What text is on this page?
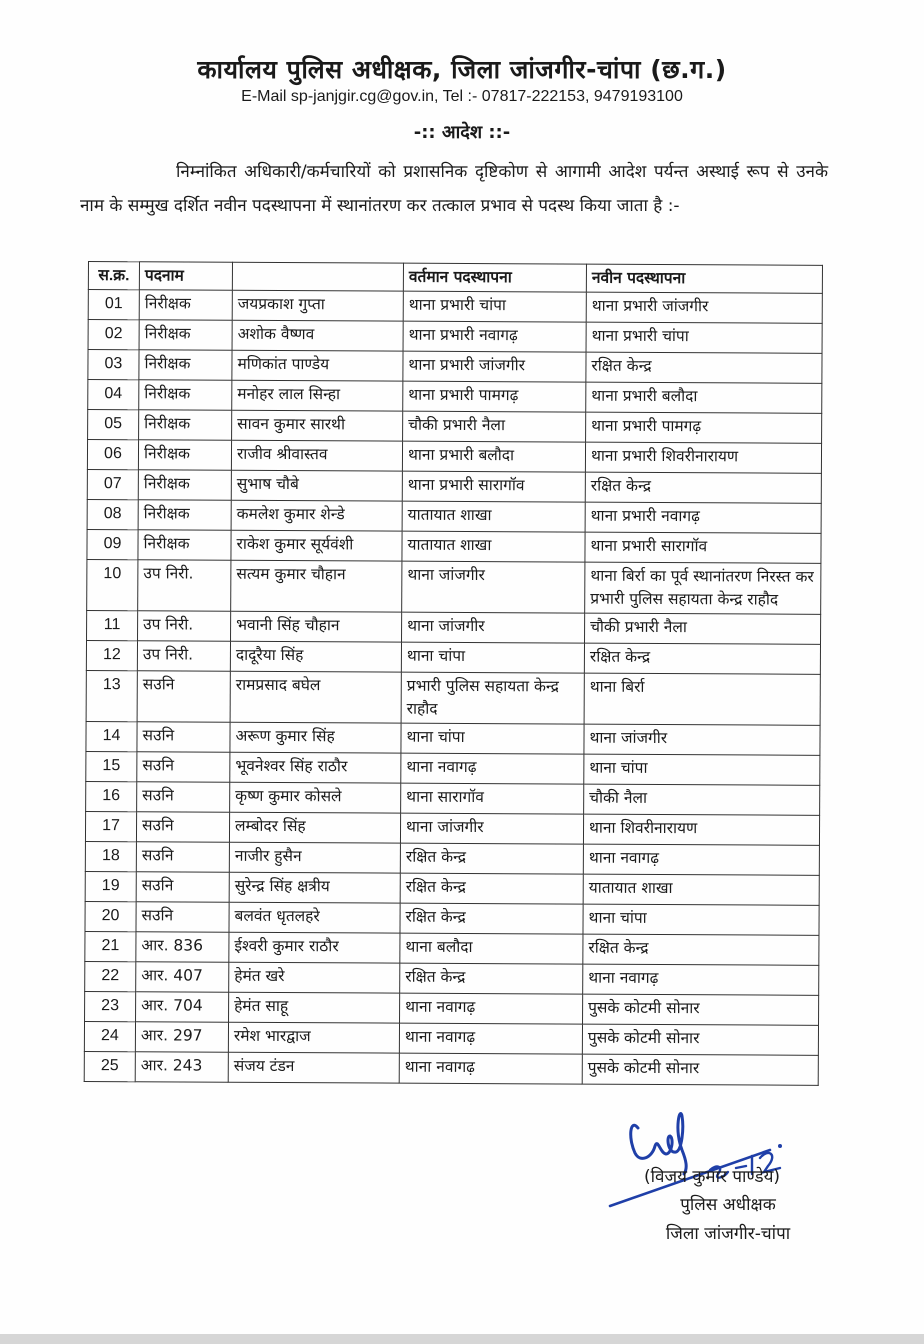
कार्यालय पुलिस अधीक्षक, जिला जांजगीर-चांपा (छ.ग.)
E-Mail sp-janjgir.cg@gov.in, Tel :- 07817-222153, 9479193100
-:: आदेश ::-
निम्नांकित अधिकारी/कर्मचारियों को प्रशासनिक दृष्टिकोण से आगामी आदेश पर्यन्त अस्थाई रूप से उनके नाम के सम्मुख दर्शित नवीन पदस्थापना में स्थानांतरण कर तत्काल प्रभाव से पदस्थ किया जाता है :-
स.क्र.	पदनाम		वर्तमान पदस्थापना	नवीन पदस्थापना
01	निरीक्षक	जयप्रकाश गुप्ता	थाना प्रभारी चांपा	थाना प्रभारी जांजगीर
02	निरीक्षक	अशोक वैष्णव	थाना प्रभारी नवागढ़	थाना प्रभारी चांपा
03	निरीक्षक	मणिकांत पाण्डेय	थाना प्रभारी जांजगीर	रक्षित केन्द्र
04	निरीक्षक	मनोहर लाल सिन्हा	थाना प्रभारी पामगढ़	थाना प्रभारी बलौदा
05	निरीक्षक	सावन कुमार सारथी	चौकी प्रभारी नैला	थाना प्रभारी पामगढ़
06	निरीक्षक	राजीव श्रीवास्तव	थाना प्रभारी बलौदा	थाना प्रभारी शिवरीनारायण
07	निरीक्षक	सुभाष चौबे	थाना प्रभारी सारागॉव	रक्षित केन्द्र
08	निरीक्षक	कमलेश कुमार शेन्डे	यातायात शाखा	थाना प्रभारी नवागढ़
09	निरीक्षक	राकेश कुमार सूर्यवंशी	यातायात शाखा	थाना प्रभारी सारागॉव
10	उप निरी.	सत्यम कुमार चौहान	थाना जांजगीर	थाना बिर्रा का पूर्व स्थानांतरण निरस्त कर प्रभारी पुलिस सहायता केन्द्र राहौद
11	उप निरी.	भवानी सिंह चौहान	थाना जांजगीर	चौकी प्रभारी नैला
12	उप निरी.	दादूरैया सिंह	थाना चांपा	रक्षित केन्द्र
13	सउनि	रामप्रसाद बघेल	प्रभारी पुलिस सहायता केन्द्र राहौद	थाना बिर्रा
14	सउनि	अरूण कुमार सिंह	थाना चांपा	थाना जांजगीर
15	सउनि	भूवनेश्वर सिंह राठौर	थाना नवागढ़	थाना चांपा
16	सउनि	कृष्ण कुमार कोसले	थाना सारागॉव	चौकी नैला
17	सउनि	लम्बोदर सिंह	थाना जांजगीर	थाना शिवरीनारायण
18	सउनि	नाजीर हुसैन	रक्षित केन्द्र	थाना नवागढ़
19	सउनि	सुरेन्द्र सिंह क्षत्रीय	रक्षित केन्द्र	यातायात शाखा
20	सउनि	बलवंत धृतलहरे	रक्षित केन्द्र	थाना चांपा
21	आर. 836	ईश्वरी कुमार राठौर	थाना बलौदा	रक्षित केन्द्र
22	आर. 407	हेमंत खरे	रक्षित केन्द्र	थाना नवागढ़
23	आर. 704	हेमंत साहू	थाना नवागढ़	पुसके कोटमी सोनार
24	आर. 297	रमेश भारद्वाज	थाना नवागढ़	पुसके कोटमी सोनार
25	आर. 243	संजय टंडन	थाना नवागढ़	पुसके कोटमी सोनार
(विजय कुमार पाण्डेय)
पुलिस अधीक्षक
जिला जांजगीर-चांपा
